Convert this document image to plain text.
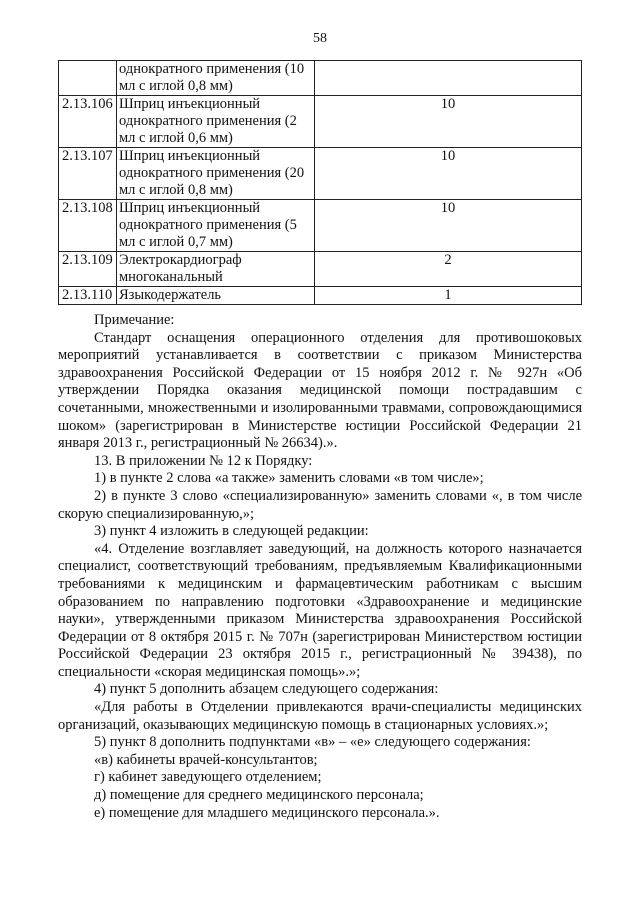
58
	однократного применения (10 мл с иглой 0,8 мм)	
2.13.106	Шприц инъекционный однократного применения (2 мл с иглой 0,6 мм)	10
2.13.107	Шприц инъекционный однократного применения (20 мл с иглой 0,8 мм)	10
2.13.108	Шприц инъекционный однократного применения (5 мл с иглой 0,7 мм)	10
2.13.109	Электрокардиограф многоканальный	2
2.13.110	Языкодержатель	1

Примечание:

Стандарт оснащения операционного отделения для противошоковых мероприятий устанавливается в соответствии с приказом Министерства здравоохранения Российской Федерации от 15 ноября 2012 г. № 927н «Об утверждении Порядка оказания медицинской помощи пострадавшим с сочетанными, множественными и изолированными травмами, сопровождающимися шоком» (зарегистрирован в Министерстве юстиции Российской Федерации 21 января 2013 г., регистрационный № 26634).».

13. В приложении № 12 к Порядку:

1) в пункте 2 слова «а также» заменить словами «в том числе»;

2) в пункте 3 слово «специализированную» заменить словами «, в том числе скорую специализированную,»;

3) пункт 4 изложить в следующей редакции:

«4. Отделение возглавляет заведующий, на должность которого назначается специалист, соответствующий требованиям, предъявляемым Квалификационными требованиями к медицинским и фармацевтическим работникам с высшим образованием по направлению подготовки «Здравоохранение и медицинские науки», утвержденными приказом Министерства здравоохранения Российской Федерации от 8 октября 2015 г. № 707н (зарегистрирован Министерством юстиции Российской Федерации 23 октября 2015 г., регистрационный № 39438), по специальности «скорая медицинская помощь».»;

4) пункт 5 дополнить абзацем следующего содержания:

«Для работы в Отделении привлекаются врачи-специалисты медицинских организаций, оказывающих медицинскую помощь в стационарных условиях.»;

5) пункт 8 дополнить подпунктами «в» – «е» следующего содержания:

«в) кабинеты врачей-консультантов;

г) кабинет заведующего отделением;

д) помещение для среднего медицинского персонала;

е) помещение для младшего медицинского персонала.».
